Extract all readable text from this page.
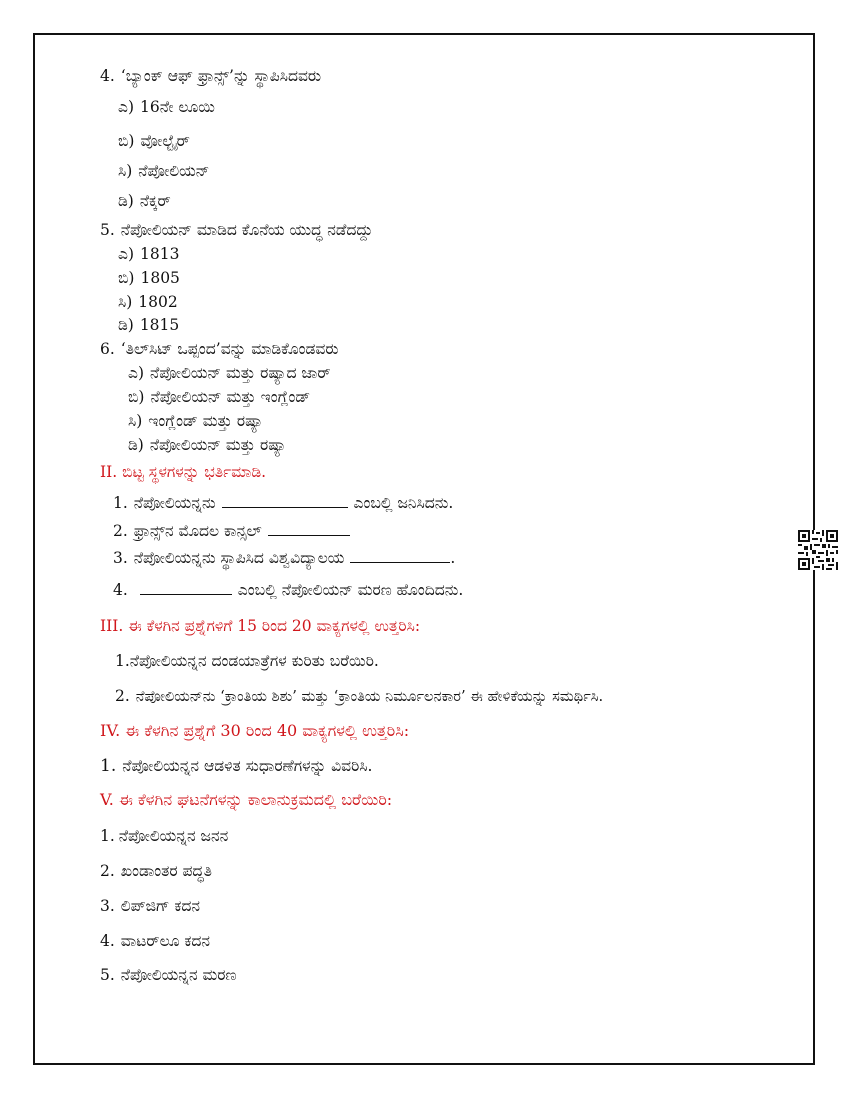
4. ‘ಬ್ಯಾಂಕ್ ಆಫ್ ಫ್ರಾನ್ಸ್’ನ್ನು ಸ್ಥಾಪಿಸಿದವರು
ಎ) 16ನೇ ಲೂಯಿ
ಬಿ) ವೋಲ್ಟೈರ್
ಸಿ) ನೆಪೋಲಿಯನ್
ಡಿ) ನೆಕ್ಕರ್
5. ನೆಪೋಲಿಯನ್ ಮಾಡಿದ ಕೊನೆಯ ಯುದ್ಧ ನಡೆದದ್ದು
ಎ) 1813
ಬಿ) 1805
ಸಿ) 1802
ಡಿ) 1815
6. ‘ತಿಲ್‌ಸಿಟ್ ಒಪ್ಪಂದ’ವನ್ನು ಮಾಡಿಕೊಂಡವರು
ಎ) ನೆಪೋಲಿಯನ್ ಮತ್ತು ರಷ್ಯಾದ ಜಾರ್
ಬಿ) ನೆಪೋಲಿಯನ್ ಮತ್ತು ಇಂಗ್ಲೆಂಡ್
ಸಿ) ಇಂಗ್ಲೆಂಡ್ ಮತ್ತು ರಷ್ಯಾ
ಡಿ) ನೆಪೋಲಿಯನ್ ಮತ್ತು ರಷ್ಯಾ
II. ಬಿಟ್ಟ ಸ್ಥಳಗಳನ್ನು ಭರ್ತಿಮಾಡಿ.
1. ನೆಪೋಲಿಯನ್ನನು	ಎಂಬಲ್ಲಿ ಜನಿಸಿದನು.
2. ಫ್ರಾನ್ಸ್‌ನ ಮೊದಲ ಕಾನ್ಸಲ್
3. ನೆಪೋಲಿಯನ್ನನು ಸ್ಥಾಪಿಸಿದ ವಿಶ್ವವಿದ್ಯಾಲಯ	.
4.	ಎಂಬಲ್ಲಿ ನೆಪೋಲಿಯನ್ ಮರಣ ಹೊಂದಿದನು.
III. ಈ ಕೆಳಗಿನ ಪ್ರಶ್ನೆಗಳಿಗೆ 15 ರಿಂದ 20 ವಾಕ್ಯಗಳಲ್ಲಿ ಉತ್ತರಿಸಿ:
1.ನೆಪೋಲಿಯನ್ನನ ದಂಡಯಾತ್ರೆಗಳ ಕುರಿತು ಬರೆಯಿರಿ.
2. ನೆಪೋಲಿಯನ್‌ನು ‘ಕ್ರಾಂತಿಯ ಶಿಶು’ ಮತ್ತು ‘ಕ್ರಾಂತಿಯ ನಿರ್ಮೂಲನಕಾರ’ ಈ ಹೇಳಿಕೆಯನ್ನು ಸಮರ್ಥಿಸಿ.
IV. ಈ ಕೆಳಗಿನ ಪ್ರಶ್ನೆಗೆ 30 ರಿಂದ 40 ವಾಕ್ಯಗಳಲ್ಲಿ ಉತ್ತರಿಸಿ:
1. ನೆಪೋಲಿಯನ್ನನ ಆಡಳಿತ ಸುಧಾರಣೆಗಳನ್ನು ವಿವರಿಸಿ.
V. ಈ ಕೆಳಗಿನ ಘಟನೆಗಳನ್ನು ಕಾಲಾನುಕ್ರಮದಲ್ಲಿ ಬರೆಯಿರಿ:
1. ನೆಪೋಲಿಯನ್ನನ ಜನನ
2. ಖಂಡಾಂತರ ಪದ್ಧತಿ
3. ಲಿಪ್‌ಜಿಗ್ ಕದನ
4. ವಾಟರ್‌ಲೂ ಕದನ
5. ನೆಪೋಲಿಯನ್ನನ ಮರಣ
